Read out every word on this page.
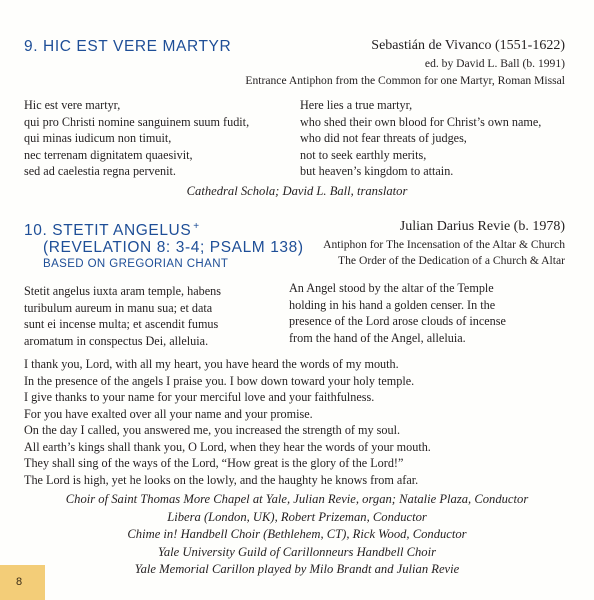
9. HIC EST VERE MARTYR	Sebastián de Vivanco (1551-1622)
ed. by David L. Ball (b. 1991)
Entrance Antiphon from the Common for one Martyr, Roman Missal
Hic est vere martyr,
qui pro Christi nomine sanguinem suum fudit,
qui minas iudicum non timuit,
nec terrenam dignitatem quaesivit,
sed ad caelestia regna pervenit.
Here lies a true martyr,
who shed their own blood for Christ’s own name,
who did not fear threats of judges,
not to seek earthly merits,
but heaven’s kingdom to attain.
Cathedral Schola; David L. Ball, translator
10. STETIT ANGELUS +
(REVELATION 8: 3-4; PSALM 138)
BASED ON GREGORIAN CHANT
Julian Darius Revie (b. 1978)
Antiphon for The Incensation of the Altar & Church
The Order of the Dedication of a Church & Altar
Stetit angelus iuxta aram temple, habens
turibulum aureum in manu sua; et data
sunt ei incense multa; et ascendit fumus
aromatum in conspectus Dei, alleluia.
An Angel stood by the altar of the Temple
holding in his hand a golden censer. In the
presence of the Lord arose clouds of incense
from the hand of the Angel, alleluia.
I thank you, Lord, with all my heart, you have heard the words of my mouth.
In the presence of the angels I praise you. I bow down toward your holy temple.
I give thanks to your name for your merciful love and your faithfulness.
For you have exalted over all your name and your promise.
On the day I called, you answered me, you increased the strength of my soul.
All earth’s kings shall thank you, O Lord, when they hear the words of your mouth.
They shall sing of the ways of the Lord, “How great is the glory of the Lord!”
The Lord is high, yet he looks on the lowly, and the haughty he knows from afar.
Choir of Saint Thomas More Chapel at Yale, Julian Revie, organ; Natalie Plaza, Conductor
Libera (London, UK), Robert Prizeman, Conductor
Chime in! Handbell Choir (Bethlehem, CT), Rick Wood, Conductor
Yale University Guild of Carillonneurs Handbell Choir
Yale Memorial Carillon played by Milo Brandt and Julian Revie
8
